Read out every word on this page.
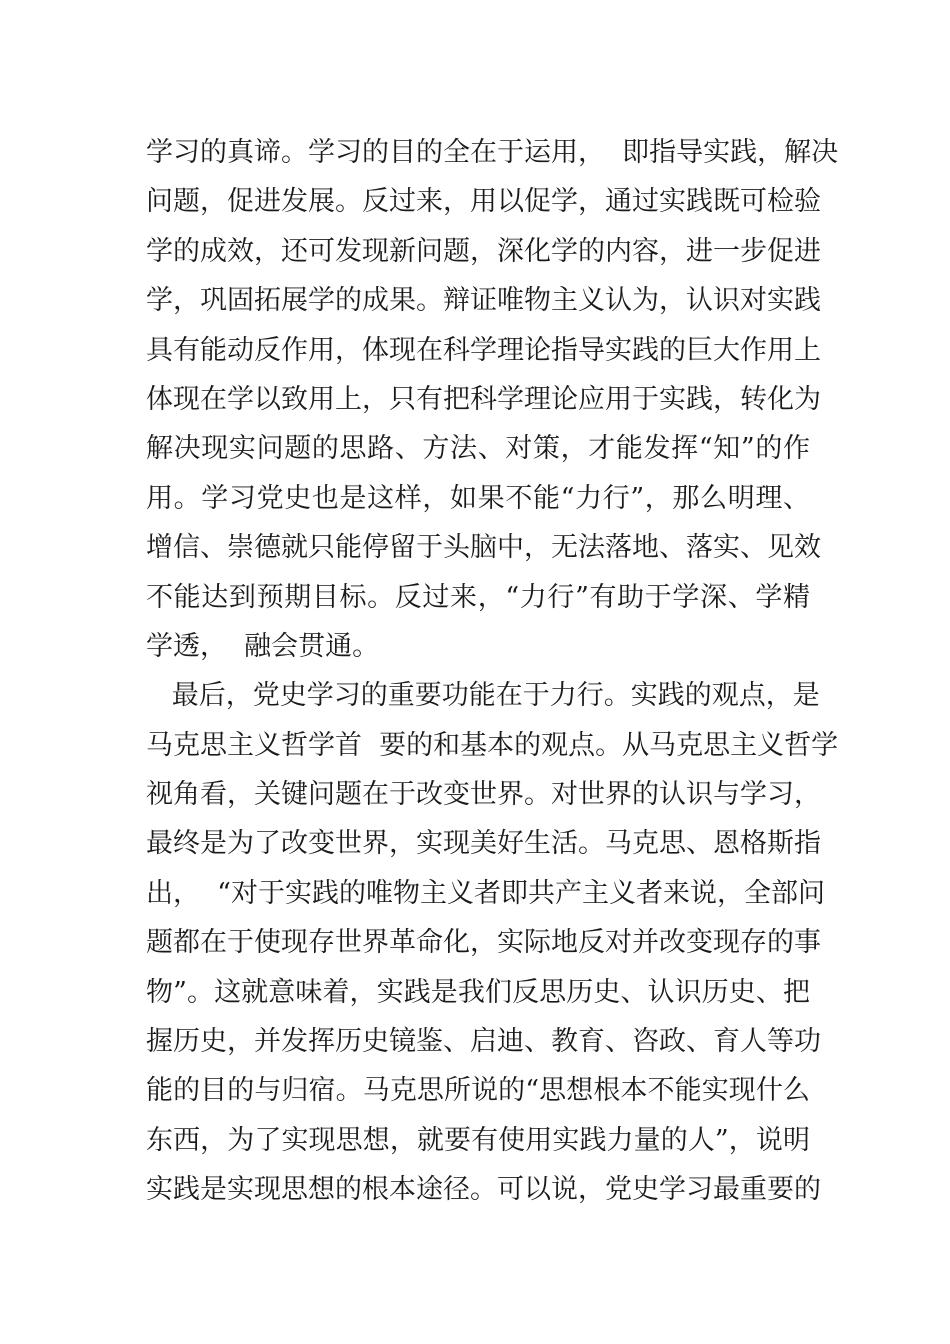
学习的真谛。学习的目的全在于运用，  即指导实践，解决
问题，促进发展。反过来，用以促学，通过实践既可检验
学的成效，还可发现新问题，深化学的内容，进一步促进
学，巩固拓展学的成果。辩证唯物主义认为，认识对实践
具有能动反作用，体现在科学理论指导实践的巨大作用上
体现在学以致用上，只有把科学理论应用于实践，转化为
解决现实问题的思路、方法、对策，才能发挥“知”的作
用。学习党史也是这样，如果不能“力行”，那么明理、
增信、崇德就只能停留于头脑中，无法落地、落实、见效
不能达到预期目标。反过来，“力行”有助于学深、学精
学透，  融会贯通。
最后，党史学习的重要功能在于力行。实践的观点，是
马克思主义哲学首  要的和基本的观点。从马克思主义哲学
视角看，关键问题在于改变世界。对世界的认识与学习，
最终是为了改变世界，实现美好生活。马克思、恩格斯指
出，  “对于实践的唯物主义者即共产主义者来说，全部问
题都在于使现存世界革命化，实际地反对并改变现存的事
物”。这就意味着，实践是我们反思历史、认识历史、把
握历史，并发挥历史镜鉴、启迪、教育、咨政、育人等功
能的目的与归宿。马克思所说的“思想根本不能实现什么
东西，为了实现思想，就要有使用实践力量的人”，说明
实践是实现思想的根本途径。可以说，党史学习最重要的
